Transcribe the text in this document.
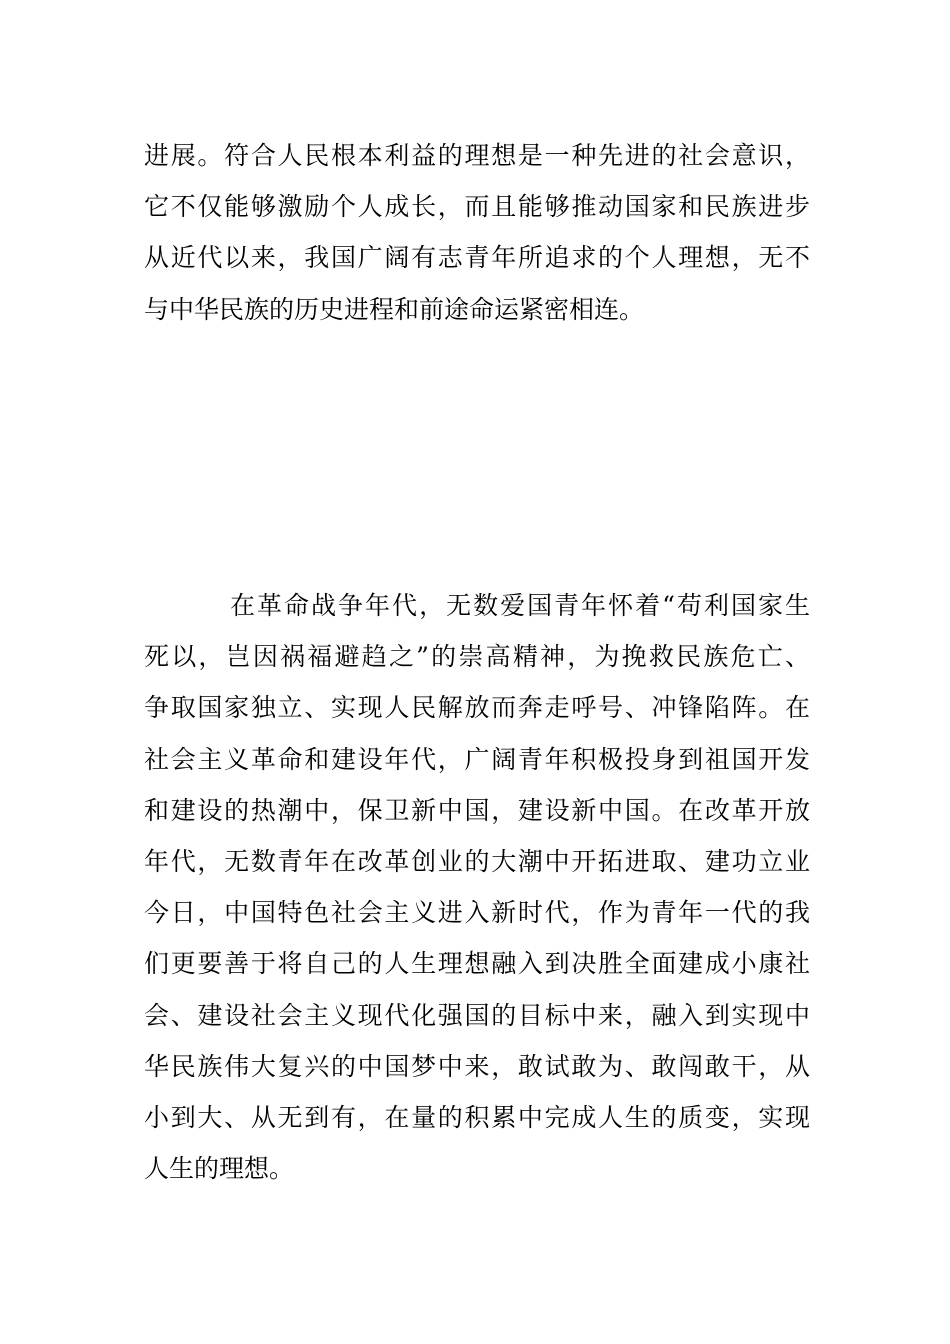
进展。符合人民根本利益的理想是一种先进的社会意识，
它不仅能够激励个人成长，而且能够推动国家和民族进步
从近代以来，我国广阔有志青年所追求的个人理想，无不
与中华民族的历史进程和前途命运紧密相连。
在革命战争年代，无数爱国青年怀着“苟利国家生
死以，岂因祸福避趋之”的崇高精神，为挽救民族危亡、
争取国家独立、实现人民解放而奔走呼号、冲锋陷阵。在
社会主义革命和建设年代，广阔青年积极投身到祖国开发
和建设的热潮中，保卫新中国，建设新中国。在改革开放
年代，无数青年在改革创业的大潮中开拓进取、建功立业
今日，中国特色社会主义进入新时代，作为青年一代的我
们更要善于将自己的人生理想融入到决胜全面建成小康社
会、建设社会主义现代化强国的目标中来，融入到实现中
华民族伟大复兴的中国梦中来，敢试敢为、敢闯敢干，从
小到大、从无到有，在量的积累中完成人生的质变，实现
人生的理想。
